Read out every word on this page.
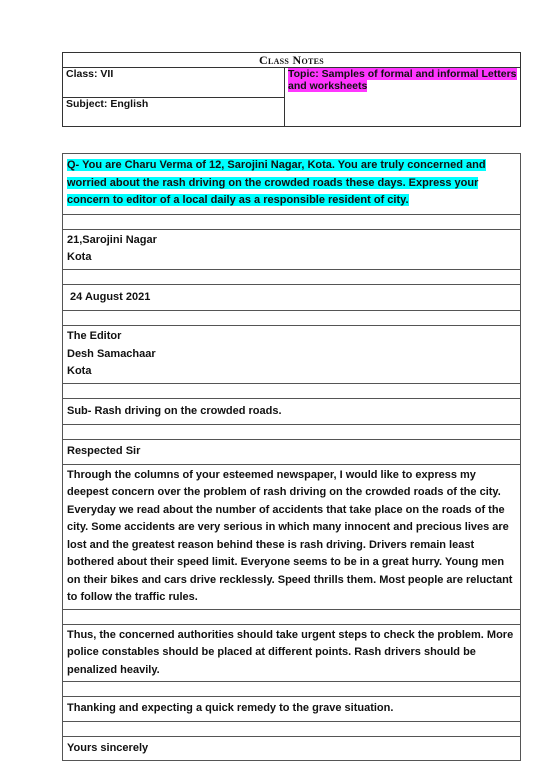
Class Notes
Class: VII	Topic: Samples of formal and informal Letters and worksheets
Subject: English
Q- You are Charu Verma of 12, Sarojini Nagar, Kota. You are truly concerned and worried about the rash driving on the crowded roads these days. Express your concern to editor of a local daily as a responsible resident of city.

21,Sarojini Nagar
Kota

24 August 2021

The Editor
Desh Samachaar
Kota

Sub- Rash driving on the crowded roads.

Respected Sir
Through the columns of your esteemed newspaper, I would like to express my deepest concern over the problem of rash driving on the crowded roads of the city. Everyday we read about the number of accidents that take place on the roads of the city. Some accidents are very serious in which many innocent and precious lives are lost and the greatest reason behind these is rash driving. Drivers remain least bothered about their speed limit. Everyone seems to be in a great hurry. Young men on their bikes and cars drive recklessly. Speed thrills them. Most people are reluctant to follow the traffic rules.

Thus, the concerned authorities should take urgent steps to check the problem. More police constables should be placed at different points. Rash drivers should be penalized heavily.

Thanking and expecting a quick remedy to the grave situation.

Yours sincerely
